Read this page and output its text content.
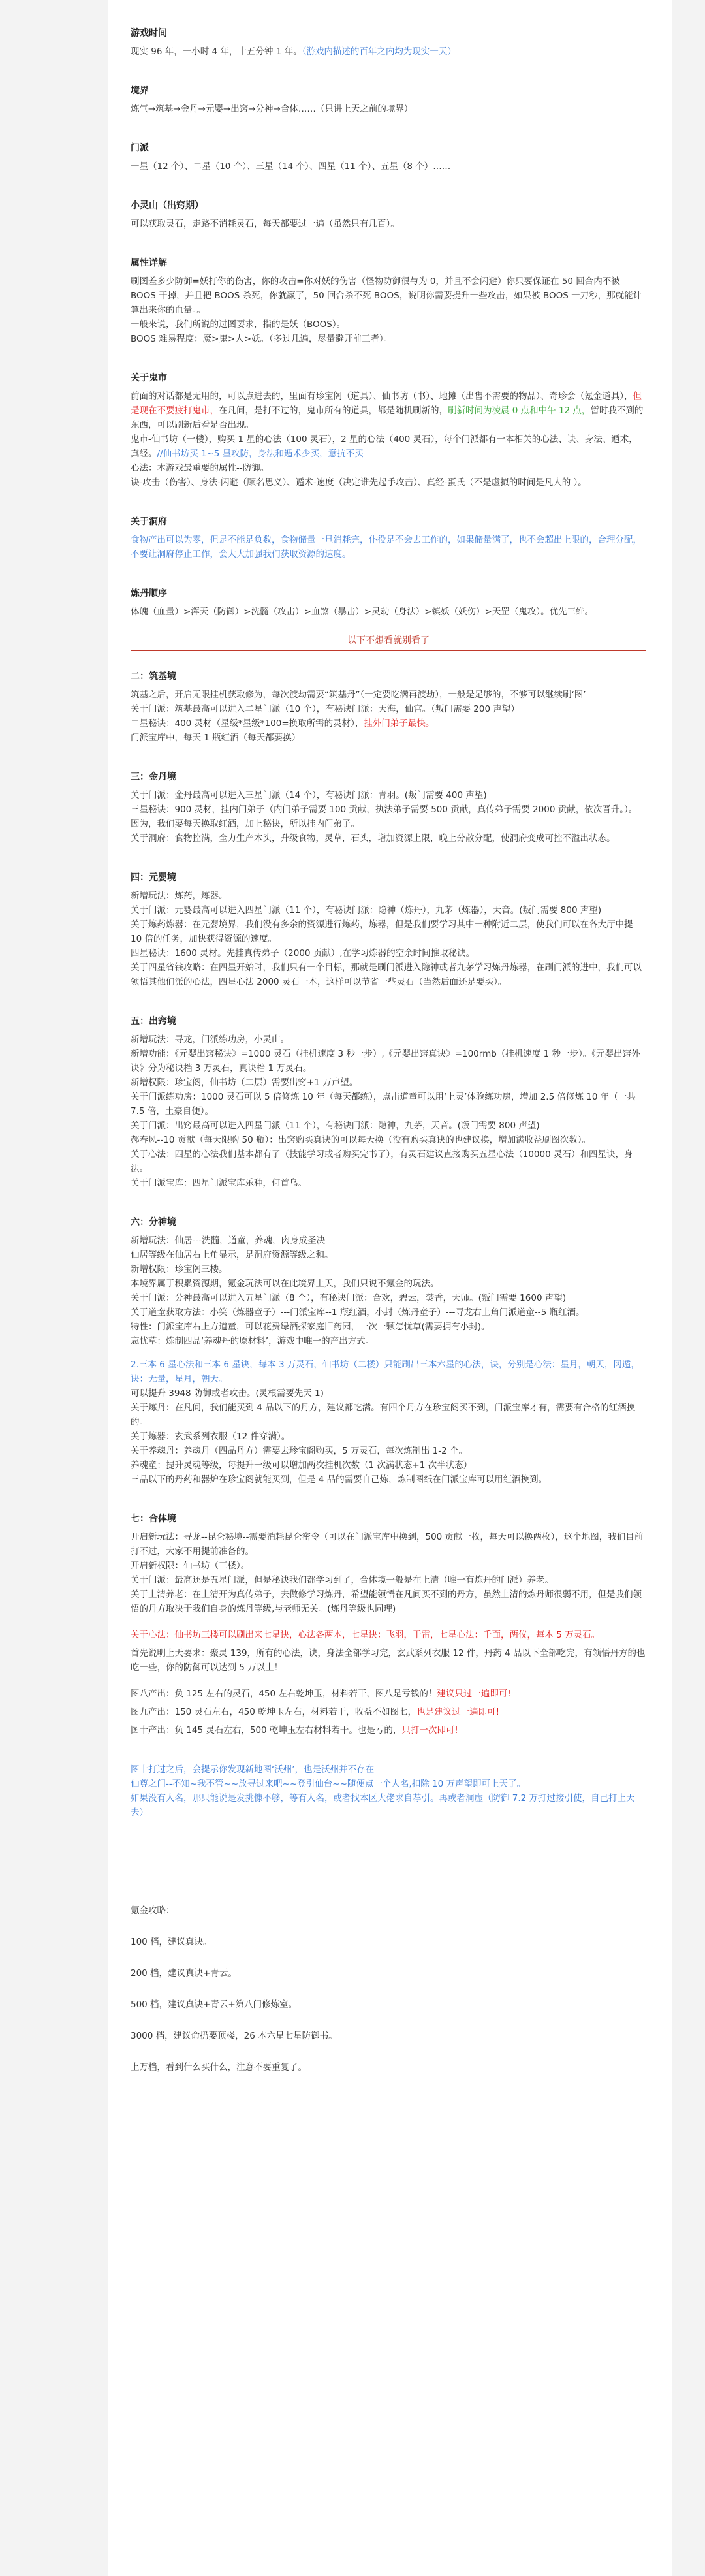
游戏时间

现实 96 年，一小时 4 年，十五分钟 1 年。（游戏内描述的百年之内均为现实一天）

境界

炼气→筑基→金丹→元婴→出窍→分神→合体……（只讲上天之前的境界）

门派

一星（12 个）、二星（10 个）、三星（14 个）、四星（11 个）、五星（8 个）……

小灵山（出窍期）

可以获取灵石，走路不消耗灵石，每天都要过一遍（虽然只有几百）。

属性详解

刷图差多少防御=妖打你的伤害，你的攻击=你对妖的伤害（怪物防御很与为 0，并且不会闪避）你只要保证在 50 回合内不被 BOOS 干掉，并且把 BOOS 杀死，你就赢了，50 回合杀不死 BOOS，说明你需要提升一些攻击，如果被 BOOS 一刀秒，那就能计算出来你的血量。。
一般来说，我们所说的过图要求，指的是妖（BOOS）。
BOOS 难易程度：魔>鬼>人>妖。（多过几遍，尽量避开前三者）。

关于鬼市

前面的对话都是无用的，可以点进去的，里面有珍宝阁（道具）、仙书坊（书）、地摊（出售不需要的物品）、奇珍会（氪金道具），但是现在不要疲打鬼市，在凡间，是打不过的，鬼市所有的道具，都是随机刷新的，刷新时间为凌晨 0 点和中午 12 点，暂时我不到的东西，可以刷新后看是否出现。

鬼市-仙书坊（一楼），购买 1 星的心法（100 灵石），2 星的心法（400 灵石），每个门派都有一本相关的心法、诀、身法、遁术，真经。//仙书坊买 1~5 星攻防，身法和遁术少买，意抗不买

心法：本游戏最重要的属性--防御。
诀-攻击（伤害）、身法-闪避（顾名思义）、遁术-速度（决定谁先起手攻击）、真经-蛋氏（不是虚拟的时间是凡人的 ）。

关于洞府

食物产出可以为零，但是不能是负数，食物储量一旦消耗完，仆役是不会去工作的，如果储量满了，也不会超出上限的，合理分配，不要让洞府停止工作，会大大加强我们获取资源的速度。

炼丹顺序

体魄（血量）>浑天（防御）>洗髓（攻击）>血煞（暴击）>灵动（身法）>镇妖（妖伤）>天罡（鬼攻）。优先三维。

以下不想看就别看了
二：筑基境

筑基之后，开启无限挂机获取修为，每次渡劫需要“筑基丹”（一定要吃满再渡劫），一般是足够的，不够可以继续刷‘图’
关于门派：筑基最高可以进入二星门派（10 个），有秘诀门派：天海，仙宫。（叛门需要 200 声望）
二星秘诀：400 灵材（星级*星级*100=换取所需的灵材），挂外门弟子最快。

门派宝库中，每天 1 瓶红酒（每天都要换）

三：金丹境

关于门派：金丹最高可以进入三星门派（14 个），有秘诀门派：青羽。(叛门需要 400 声望)
三星秘诀：900 灵材，挂内门弟子（内门弟子需要 100 贡献，执法弟子需要 500 贡献，真传弟子需要 2000 贡献，依次晋升。）。
因为，我们要每天换取红酒，加上秘诀，所以挂内门弟子。
关于洞府：食物控满，全力生产木头，升级食物，灵草，石头，增加资源上限，晚上分散分配，使洞府变成可控不溢出状态。

四：元婴境

新增玩法：炼药，炼器。
关于门派：元婴最高可以进入四星门派（11 个），有秘诀门派：隐神（炼丹），九茅（炼器），天音。(叛门需要 800 声望)
关于炼药炼器：在元婴境界，我们没有多余的资源进行炼药，炼器，但是我们要学习其中一种附近二层，使我们可以在各大厅中提 10 倍的任务，加快获得资源的速度。
四星秘诀：1600 灵材。先挂真传弟子（2000 贡献）,在学习炼器的空余时间推取秘诀。
关于四星省钱攻略：在四星开始时，我们只有一个目标，那就是刷门派进入隐神或者九茅学习炼丹炼器，在刷门派的进中，我们可以领悟其他们派的心法，四星心法 2000 灵石一本，这样可以节省一些灵石（当然后面还是要买）。

五：出窍境

新增玩法：寻龙，门派练功房，小灵山。
新增功能：《元婴出窍秘诀》=1000 灵石（挂机速度 3 秒一步）,《元婴出窍真诀》=100rmb（挂机速度 1 秒一步）。《元婴出窍外诀》分为秘诀档 3 万灵石，真诀档 1 万灵石。
新增权限：珍宝阁，仙书坊（二层）需要出窍+1 万声望。
关于门派练功房：1000 灵石可以 5 倍修炼 10 年（每天都练），点击道童可以用‘上灵’体验练功房，增加 2.5 倍修炼 10 年（一共 7.5 倍，土豪自便）。
关于门派：出窍最高可以进入四星门派（11 个），有秘诀门派：隐神，九茅，天音。(叛门需要 800 声望)
郝春风--10 贡献（每天限购 50 瓶）：出窍购买真诀的可以每天换（没有购买真诀的也建议换，增加满收益刷图次数）。
关于心法：四星的心法我们基本都有了（技能学习或者购买完书了），有灵石建议直接购买五星心法（10000 灵石）和四星诀，身法。
关于门派宝库：四星门派宝库乐种，何首乌。

六：分神境

新增玩法：仙居---洗髓，道童，养魂，肉身成圣决
仙居等级在仙居右上角显示，是洞府资源等级之和。
新增权限：珍宝阁三楼。
本境界属于积累资源期，氪金玩法可以在此境界上天，我们只说不氪金的玩法。
关于门派：分神最高可以进入五星门派（8 个），有秘诀门派：合欢，碧云，焚香，天师。(叛门需要 1600 声望)
关于道童获取方法：小笑（炼器童子）---门派宝库--1 瓶红酒，小封（炼丹童子）---寻龙右上角门派道童--5 瓶红酒。
特性：门派宝库右上方道童，可以花费绿酒探家庭旧药园，一次一颗怎忧草(需要拥有小封)。
忘忧草：炼制四品‘养魂丹的原材料’，游戏中唯一的产出方式。

2.三本 6 星心法和三本 6 星诀，每本 3 万灵石，仙书坊（二楼）只能刷出三本六星的心法，诀，分别是心法：星月，朝天，冈遁，诀：无量，星月，朝天。

可以提升 3948 防御或者攻击。(灵根需要先天 1)
关于炼丹：在凡间，我们能买到 4 品以下的丹方，建议都吃满。有四个丹方在珍宝阁买不到，门派宝库才有，需要有合格的红酒换的。
关于炼器：玄武系列衣服（12 件穿满）。
关于养魂丹：养魂丹（四品丹方）需要去珍宝阁购买，5 万灵石，每次炼制出 1-2 个。
养魂童：提升灵魂等级，每提升一级可以增加两次挂机次数（1 次满状态+1 次半状态）
三品以下的丹药和器炉在珍宝阁就能买到，但是 4 品的需要自己炼，炼制图纸在门派宝库可以用红酒换到。

七：合体境

开启新玩法：寻龙--昆仑秘境--需要消耗昆仑密令（可以在门派宝库中换到，500 贡献一枚，每天可以换两枚），这个地图，我们目前打不过，大家不用提前准备的。
开启新权限：仙书坊（三楼）。
关于门派：最高还是五星门派，但是秘诀我们都学习到了，合体境一般是在上清（唯一有炼丹的门派）养老。
关于上清养老：在上清开为真传弟子，去做修学习炼丹，希望能领悟在凡间买不到的丹方，虽然上清的炼丹师很弱不用，但是我们领悟的丹方取决于我们自身的炼丹等级,与老师无关。(炼丹等级也同理)

关于心法：仙书坊三楼可以刷出来七星诀，心法各两本，七星诀：飞羽，干雷，七星心法：千面，两仪，每本 5 万灵石。

首先说明上天要求：聚灵 139，所有的心法，诀，身法全部学习完，玄武系列衣服 12 件，丹药 4 品以下全部吃完，有领悟丹方的也吃一些，你的防御可以达到 5 万以上！

图八产出：负 125 左右的灵石，450 左右乾坤玉，材料若干，图八是亏钱的！建议只过一遍即可!

图九产出：150 灵石左右，450 乾坤玉左右，材料若干，收益不如图七，也是建议过一遍即可!

图十产出：负 145 灵石左右，500 乾坤玉左右材料若干。也是亏的，只打一次即可!

图十打过之后，会提示你发现新地图‘沃州’，也是沃州并不存在
仙尊之门--不知~我不管~~放寻过来吧~~登引仙台~~随便点一个人名,扣除 10 万声望即可上天了。

如果没有人名，那只能说是发挑慷不够，等有人名，或者找本区大佬求自荐引。再或者洞虚（防御 7.2 万打过接引使，自己打上天去）

氪金攻略：

100 档，建议真诀。

200 档，建议真诀+青云。

500 档，建议真诀+青云+第八门修炼室。

3000 档，建议命扔要顶楼，26 本六星七星防御书。

上万档，看到什么买什么，注意不要重复了。
